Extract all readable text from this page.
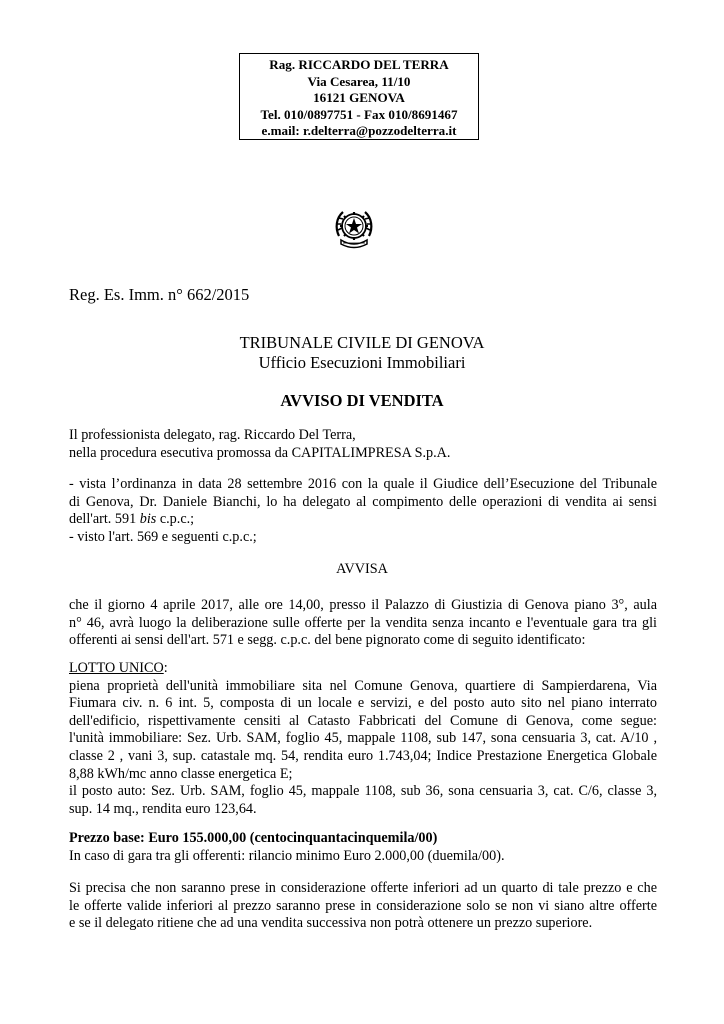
Rag. RICCARDO DEL TERRA
Via Cesarea, 11/10
16121 GENOVA
Tel. 010/0897751 - Fax 010/8691467
e.mail: r.delterra@pozzodelterra.it
Reg. Es. Imm. n° 662/2015
TRIBUNALE CIVILE DI GENOVA
Ufficio Esecuzioni Immobiliari
AVVISO DI VENDITA
Il professionista delegato, rag. Riccardo Del Terra,
nella procedura esecutiva promossa da CAPITALIMPRESA S.p.A.
- vista l’ordinanza in data 28 settembre 2016 con la quale il Giudice dell’Esecuzione del Tribunale
di Genova, Dr. Daniele Bianchi, lo ha delegato al compimento delle operazioni di vendita ai sensi
dell'art. 591 bis c.p.c.;
- visto l'art. 569 e seguenti c.p.c.;
AVVISA
che il giorno 4 aprile 2017, alle ore 14,00, presso il Palazzo di Giustizia di Genova piano 3°, aula
n° 46, avrà luogo la deliberazione sulle offerte per la vendita senza incanto e l'eventuale gara tra gli
offerenti ai sensi dell'art. 571 e segg. c.p.c. del bene pignorato come di seguito identificato:
LOTTO UNICO:
piena proprietà dell'unità immobiliare sita nel Comune Genova, quartiere di Sampierdarena, Via
Fiumara civ. n. 6 int. 5, composta di un locale e servizi, e del posto auto sito nel piano interrato
dell'edificio, rispettivamente censiti al Catasto Fabbricati del Comune di Genova, come segue:
l'unità immobiliare: Sez. Urb. SAM, foglio 45, mappale 1108, sub 147, sona censuaria 3, cat. A/10 ,
classe 2 , vani 3, sup. catastale mq. 54, rendita euro 1.743,04; Indice Prestazione Energetica Globale
8,88 kWh/mc anno classe energetica E;
il posto auto: Sez. Urb. SAM, foglio 45, mappale 1108, sub 36, sona censuaria 3, cat. C/6, classe 3,
sup. 14 mq., rendita euro 123,64.
Prezzo base: Euro 155.000,00 (centocinquantacinquemila/00)
In caso di gara tra gli offerenti: rilancio minimo Euro 2.000,00 (duemila/00).
Si precisa che non saranno prese in considerazione offerte inferiori ad un quarto di tale prezzo e che
le offerte valide inferiori al prezzo saranno prese in considerazione solo se non vi siano altre offerte
e se il delegato ritiene che ad una vendita successiva non potrà ottenere un prezzo superiore.
